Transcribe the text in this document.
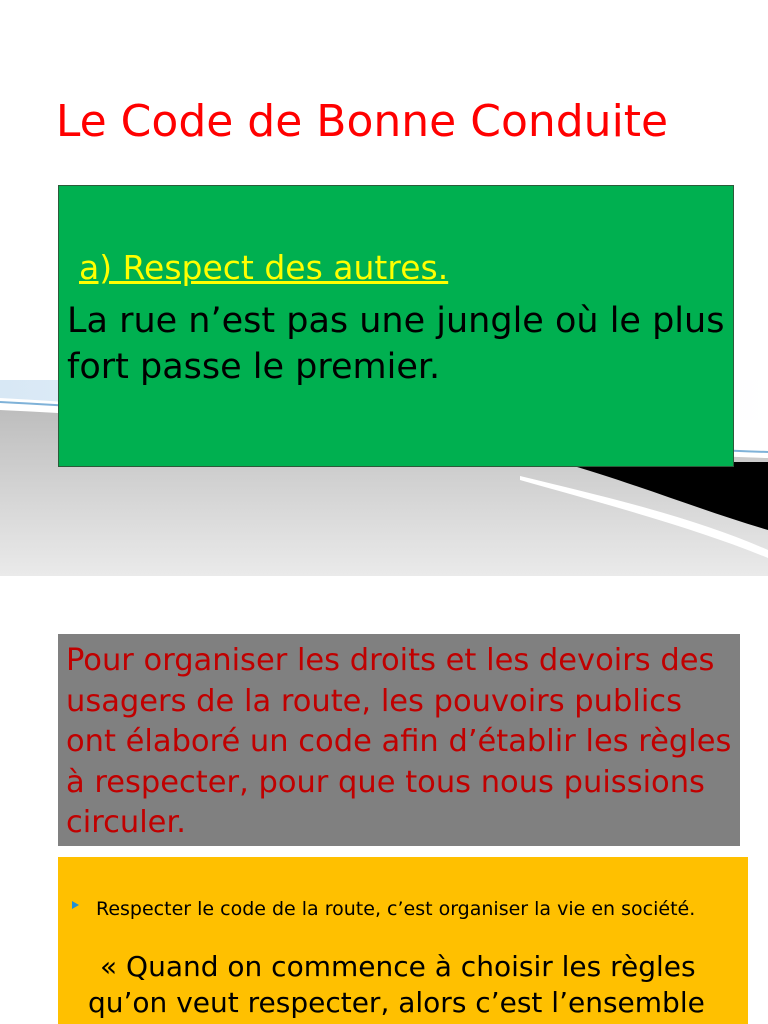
Le Code de Bonne Conduite
a) Respect des autres.

La rue n’est pas une jungle où le plus fort passe le premier.

Pour organiser les droits et les devoirs des usagers de la route, les pouvoirs publics ont élaboré un code afin d’établir les règles à respecter, pour que tous nous puissions circuler.

Respecter le code de la route, c’est organiser la vie en société.

« Quand on commence à choisir les règles qu’on veut respecter, alors c’est l’ensemble
